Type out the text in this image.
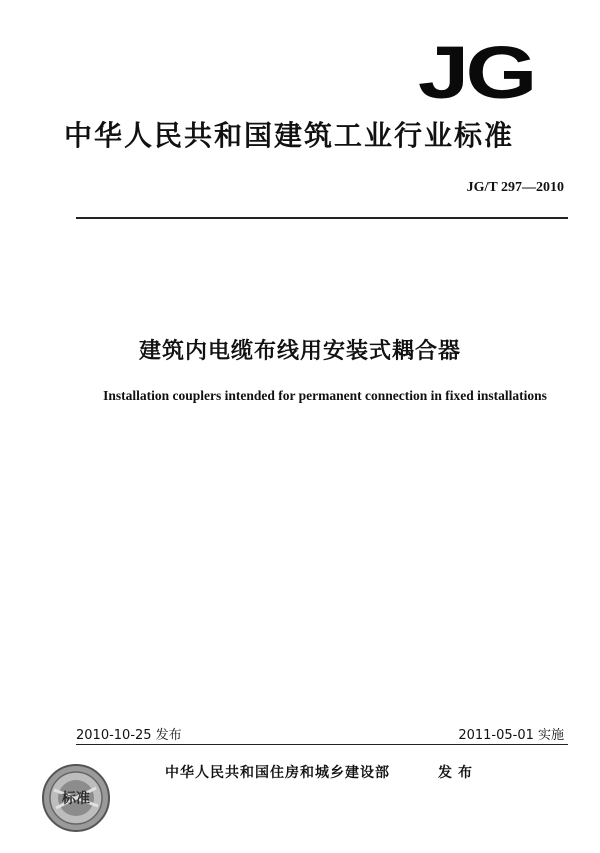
JG
中华人民共和国建筑工业行业标准
JG/T 297—2010
建筑内电缆布线用安装式耦合器
Installation couplers intended for permanent connection in fixed installations
2010-10-25 发布	2011-05-01 实施
标准
中华人民共和国住房和城乡建设部	发布
